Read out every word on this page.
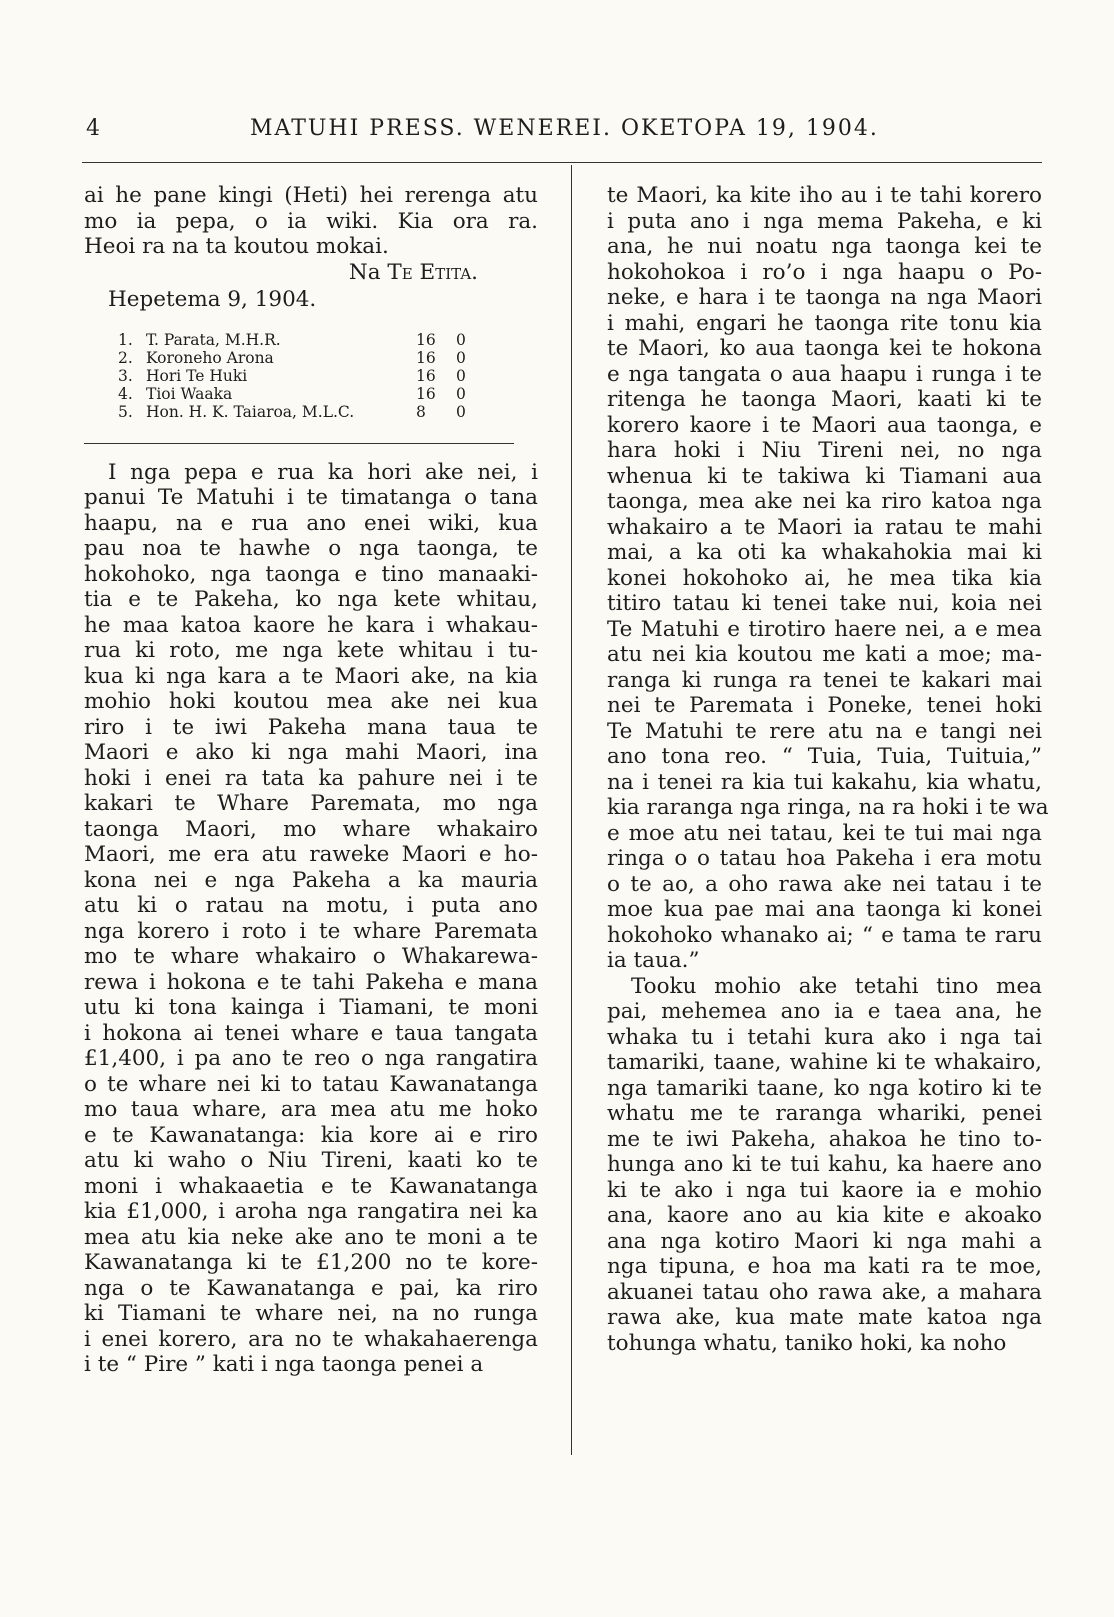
4	MATUHI PRESS. WENEREI. OKETOPA 19, 1904.
ai he pane kingi (Heti) hei rerenga atu
mo ia pepa, o ia wiki. Kia ora ra.
Heoi ra na ta koutou mokai.
Na Te Etita.
Hepetema 9, 1904.
1.	T. Parata, M.H.R.	16	0
2.	Koroneho Arona	16	0
3.	Hori Te Huki	16	0
4.	Tioi Waaka	16	0
5.	Hon. H. K. Taiaroa, M.L.C.	8	0
I nga pepa e rua ka hori ake nei, i
panui Te Matuhi i te timatanga o tana
haapu, na e rua ano enei wiki, kua
pau noa te hawhe o nga taonga, te
hokohoko, nga taonga e tino manaaki-
tia e te Pakeha, ko nga kete whitau,
he maa katoa kaore he kara i whakau-
rua ki roto, me nga kete whitau i tu-
kua ki nga kara a te Maori ake, na kia
mohio hoki koutou mea ake nei kua
riro i te iwi Pakeha mana taua te
Maori e ako ki nga mahi Maori, ina
hoki i enei ra tata ka pahure nei i te
kakari te Whare Paremata, mo nga
taonga Maori, mo whare whakairo
Maori, me era atu raweke Maori e ho-
kona nei e nga Pakeha a ka mauria
atu ki o ratau na motu, i puta ano
nga korero i roto i te whare Paremata
mo te whare whakairo o Whakarewa-
rewa i hokona e te tahi Pakeha e mana
utu ki tona kainga i Tiamani, te moni
i hokona ai tenei whare e taua tangata
£1,400, i pa ano te reo o nga rangatira
o te whare nei ki to tatau Kawanatanga
mo taua whare, ara mea atu me hoko
e te Kawanatanga: kia kore ai e riro
atu ki waho o Niu Tireni, kaati ko te
moni i whakaaetia e te Kawanatanga
kia £1,000, i aroha nga rangatira nei ka
mea atu kia neke ake ano te moni a te
Kawanatanga ki te £1,200 no te kore-
nga o te Kawanatanga e pai, ka riro
ki Tiamani te whare nei, na no runga
i enei korero, ara no te whakahaerenga
i te “ Pire ” kati i nga taonga penei a
te Maori, ka kite iho au i te tahi korero
i puta ano i nga mema Pakeha, e ki
ana, he nui noatu nga taonga kei te
hokohokoa i ro’o i nga haapu o Po-
neke, e hara i te taonga na nga Maori
i mahi, engari he taonga rite tonu kia
te Maori, ko aua taonga kei te hokona
e nga tangata o aua haapu i runga i te
ritenga he taonga Maori, kaati ki te
korero kaore i te Maori aua taonga, e
hara hoki i Niu Tireni nei, no nga
whenua ki te takiwa ki Tiamani aua
taonga, mea ake nei ka riro katoa nga
whakairo a te Maori ia ratau te mahi
mai, a ka oti ka whakahokia mai ki
konei hokohoko ai, he mea tika kia
titiro tatau ki tenei take nui, koia nei
Te Matuhi e tirotiro haere nei, a e mea
atu nei kia koutou me kati a moe; ma-
ranga ki runga ra tenei te kakari mai
nei te Paremata i Poneke, tenei hoki
Te Matuhi te rere atu na e tangi nei
ano tona reo. “ Tuia, Tuia, Tuituia,”
na i tenei ra kia tui kakahu, kia whatu,
kia raranga nga ringa, na ra hoki i te wa
e moe atu nei tatau, kei te tui mai nga
ringa o o tatau hoa Pakeha i era motu
o te ao, a oho rawa ake nei tatau i te
moe kua pae mai ana taonga ki konei
hokohoko whanako ai; “ e tama te raru
ia taua.”
Tooku mohio ake tetahi tino mea
pai, mehemea ano ia e taea ana, he
whaka tu i tetahi kura ako i nga tai
tamariki, taane, wahine ki te whakairo,
nga tamariki taane, ko nga kotiro ki te
whatu me te raranga whariki, penei
me te iwi Pakeha, ahakoa he tino to-
hunga ano ki te tui kahu, ka haere ano
ki te ako i nga tui kaore ia e mohio
ana, kaore ano au kia kite e akoako
ana nga kotiro Maori ki nga mahi a
nga tipuna, e hoa ma kati ra te moe,
akuanei tatau oho rawa ake, a mahara
rawa ake, kua mate mate katoa nga
tohunga whatu, taniko hoki, ka noho
